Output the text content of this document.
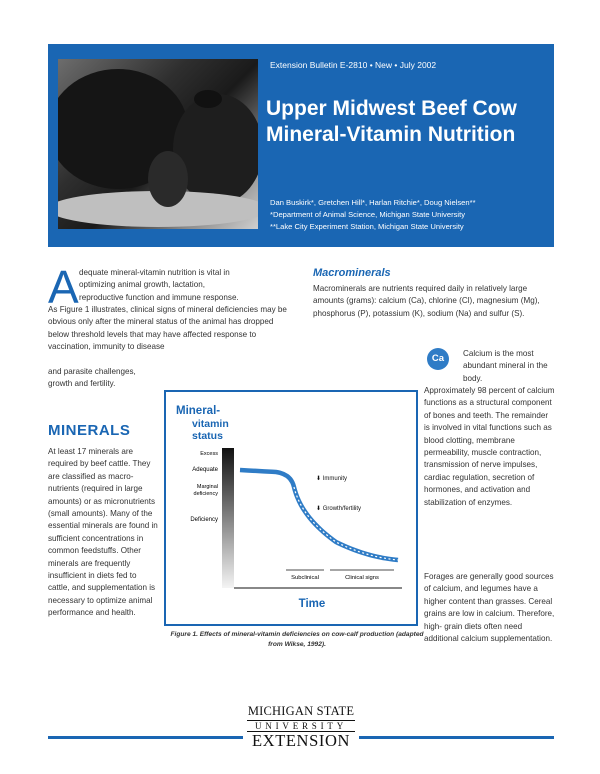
Extension Bulletin E-2810 • New • July 2002
Upper Midwest Beef Cow Mineral-Vitamin Nutrition
Dan Buskirk*, Gretchen Hill*, Harlan Ritchie*, Doug Nielsen**
*Department of Animal Science, Michigan State University
**Lake City Experiment Station, Michigan State University
A dequate mineral-vitamin nutrition is vital in
optimizing animal growth, lactation,
reproductive function and immune response.
As Figure 1 illustrates, clinical signs of mineral deficiencies may be obvious only after the mineral status of the animal has dropped below threshold levels that may have affected response to vaccination, immunity to disease
and parasite challenges, growth and fertility.
MINERALS
At least 17 minerals are required by beef cattle. They are classified as macro-nutrients (required in large amounts) or as micronutrients (small amounts). Many of the essential minerals are found in sufficient concentrations in common feedstuffs. Other minerals are frequently insufficient in diets fed to cattle, and supplementation is necessary to optimize animal performance and health.
Macrominerals
Macrominerals are nutrients required daily in relatively large amounts (grams): calcium (Ca), chlorine (Cl), magnesium (Mg), phosphorus (P), potassium (K), sodium (Na) and sulfur (S).
Ca	Calcium is the most abundant mineral in the body.
Approximately 98 percent of calcium functions as a structural component of bones and teeth. The remainder is involved in vital functions such as blood clotting, membrane permeability, muscle contraction, transmission of nerve impulses, cardiac regulation, secretion of hormones, and activation and stabilization of enzymes.
Forages are generally good sources of calcium, and legumes have a higher content than grasses. Cereal grains are low in calcium. Therefore, high- grain diets often need additional calcium supplementation.
Mineral-
vitamin
status
Excess
Adequate
Marginal
deficiency
Deficiency
⬇ Immunity
⬇ Growth/fertility
Subclinical	Clinical signs
Time
Figure 1. Effects of mineral-vitamin deficiencies on cow-calf production (adapted from Wikse, 1992).
MICHIGAN STATE
UNIVERSITY
EXTENSION
